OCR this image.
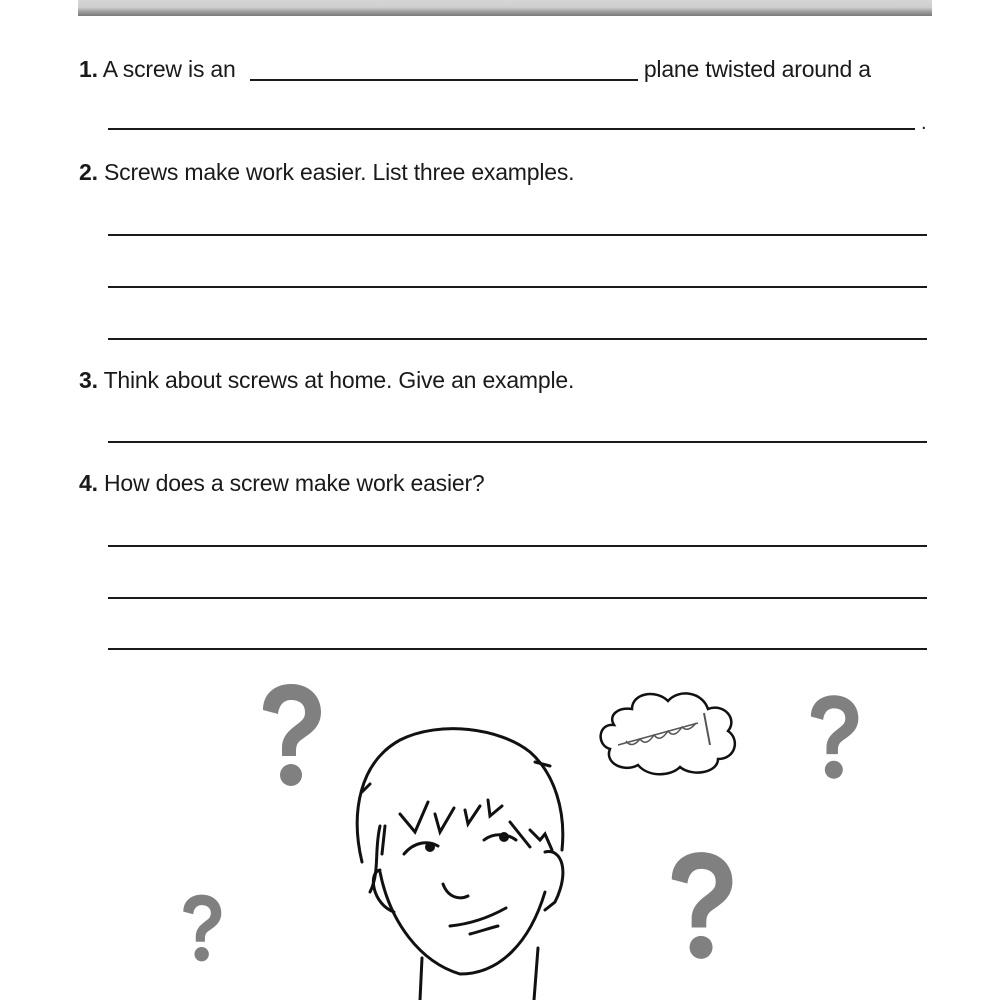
1. A screw is an	plane twisted around a
.
2. Screws make work easier. List three examples.
3. Think about screws at home. Give an example.
4. How does a screw make work easier?
